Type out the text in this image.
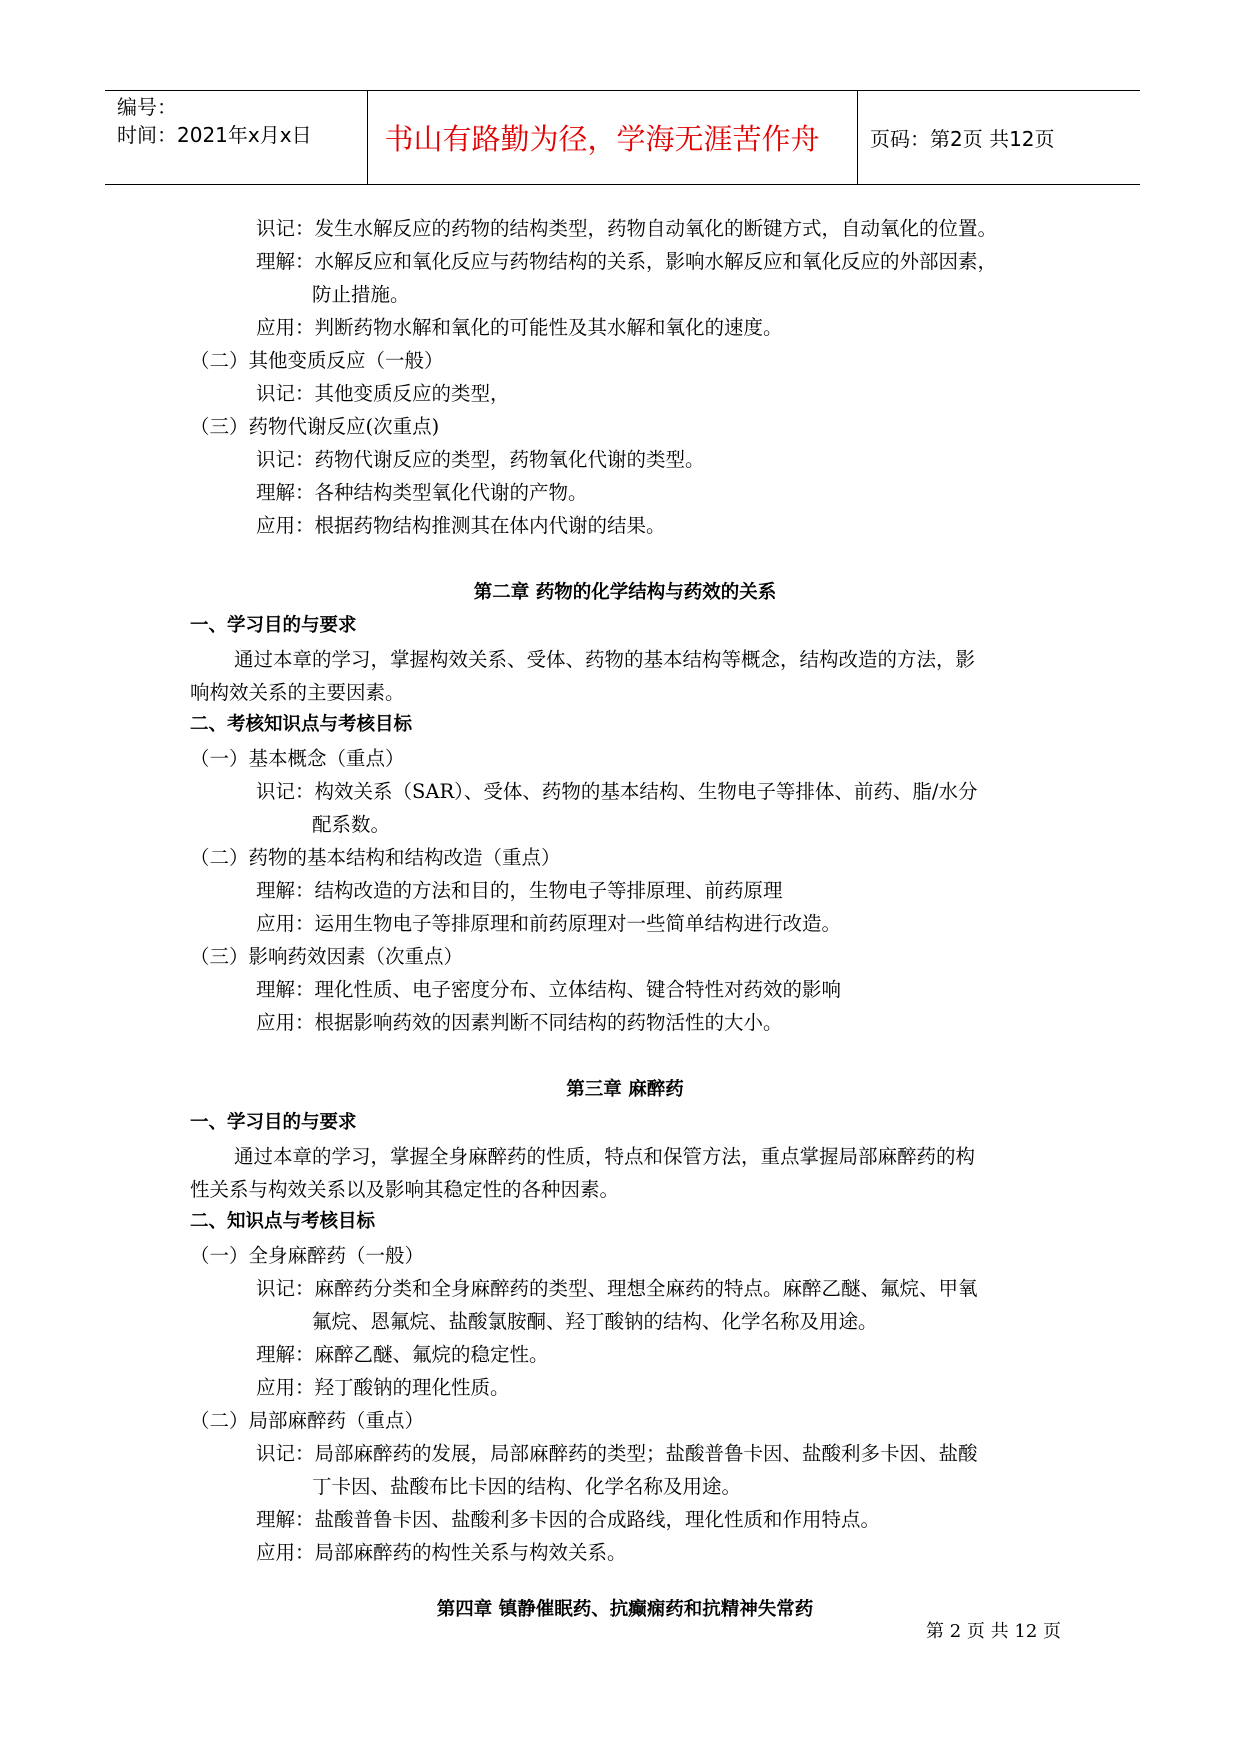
编号：
时间：2021年x月x日	书山有路勤为径，学海无涯苦作舟	页码：第2页 共12页
识记：发生水解反应的药物的结构类型，药物自动氧化的断键方式，自动氧化的位置。
理解：水解反应和氧化反应与药物结构的关系，影响水解反应和氧化反应的外部因素，
防止措施。
应用：判断药物水解和氧化的可能性及其水解和氧化的速度。
（二）其他变质反应（一般）
识记：其他变质反应的类型，
（三）药物代谢反应(次重点)
识记：药物代谢反应的类型，药物氧化代谢的类型。
理解：各种结构类型氧化代谢的产物。
应用：根据药物结构推测其在体内代谢的结果。
第二章 药物的化学结构与药效的关系
一、学习目的与要求
通过本章的学习，掌握构效关系、受体、药物的基本结构等概念，结构改造的方法，影
响构效关系的主要因素。
二、考核知识点与考核目标
（一）基本概念（重点）
识记：构效关系（SAR）、受体、药物的基本结构、生物电子等排体、前药、脂/水分
配系数。
（二）药物的基本结构和结构改造（重点）
理解：结构改造的方法和目的，生物电子等排原理、前药原理
应用：运用生物电子等排原理和前药原理对一些简单结构进行改造。
（三）影响药效因素（次重点）
理解：理化性质、电子密度分布、立体结构、键合特性对药效的影响
应用：根据影响药效的因素判断不同结构的药物活性的大小。
第三章 麻醉药
一、学习目的与要求
通过本章的学习，掌握全身麻醉药的性质，特点和保管方法，重点掌握局部麻醉药的构
性关系与构效关系以及影响其稳定性的各种因素。
二、知识点与考核目标
（一）全身麻醉药（一般）
识记：麻醉药分类和全身麻醉药的类型、理想全麻药的特点。麻醉乙醚、氟烷、甲氧
氟烷、恩氟烷、盐酸氯胺酮、羟丁酸钠的结构、化学名称及用途。
理解：麻醉乙醚、氟烷的稳定性。
应用：羟丁酸钠的理化性质。
（二）局部麻醉药（重点）
识记：局部麻醉药的发展，局部麻醉药的类型；盐酸普鲁卡因、盐酸利多卡因、盐酸
丁卡因、盐酸布比卡因的结构、化学名称及用途。
理解：盐酸普鲁卡因、盐酸利多卡因的合成路线，理化性质和作用特点。
应用：局部麻醉药的构性关系与构效关系。
第四章 镇静催眠药、抗癫痫药和抗精神失常药
第 2 页 共 12 页
